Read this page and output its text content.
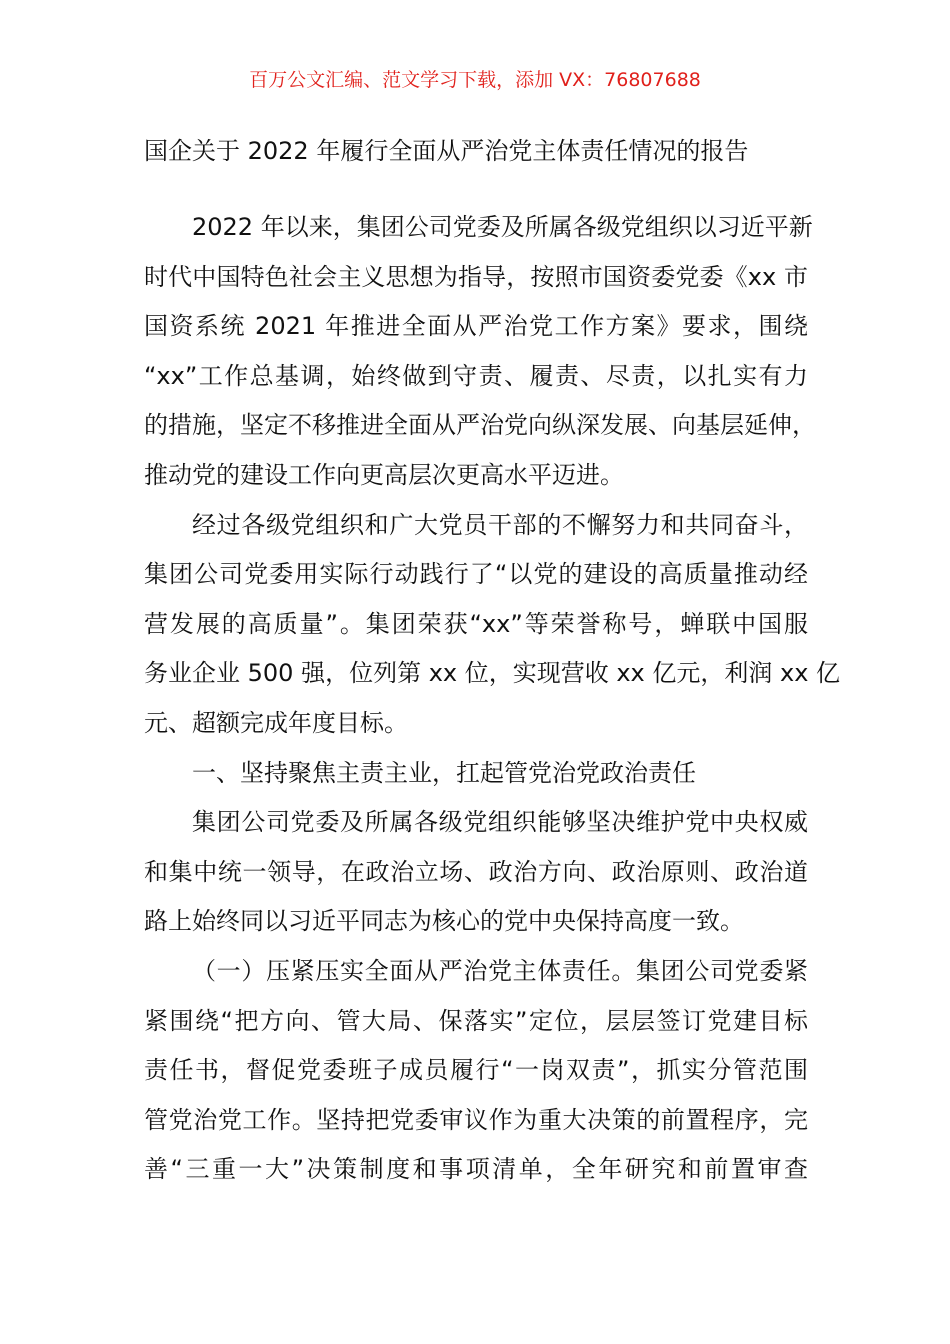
百万公文汇编、范文学习下载，添加 VX：76807688
国企关于 2022 年履行全面从严治党主体责任情况的报告

2022 年以来，集团公司党委及所属各级党组织以习近平新
时代中国特色社会主义思想为指导，按照市国资委党委《xx 市
国资系统 2021 年推进全面从严治党工作方案》要求，围绕
“xx”工作总基调，始终做到守责、履责、尽责，以扎实有力
的措施，坚定不移推进全面从严治党向纵深发展、向基层延伸，
推动党的建设工作向更高层次更高水平迈进。

经过各级党组织和广大党员干部的不懈努力和共同奋斗，
集团公司党委用实际行动践行了“以党的建设的高质量推动经
营发展的高质量”。集团荣获“xx”等荣誉称号，蝉联中国服
务业企业 500 强，位列第 xx 位，实现营收 xx 亿元，利润 xx 亿
元、超额完成年度目标。

一、坚持聚焦主责主业，扛起管党治党政治责任

集团公司党委及所属各级党组织能够坚决维护党中央权威
和集中统一领导，在政治立场、政治方向、政治原则、政治道
路上始终同以习近平同志为核心的党中央保持高度一致。

（一）压紧压实全面从严治党主体责任。集团公司党委紧
紧围绕“把方向、管大局、保落实”定位，层层签订党建目标
责任书，督促党委班子成员履行“一岗双责”，抓实分管范围
管党治党工作。坚持把党委审议作为重大决策的前置程序，完
善“三重一大”决策制度和事项清单，全年研究和前置审查
